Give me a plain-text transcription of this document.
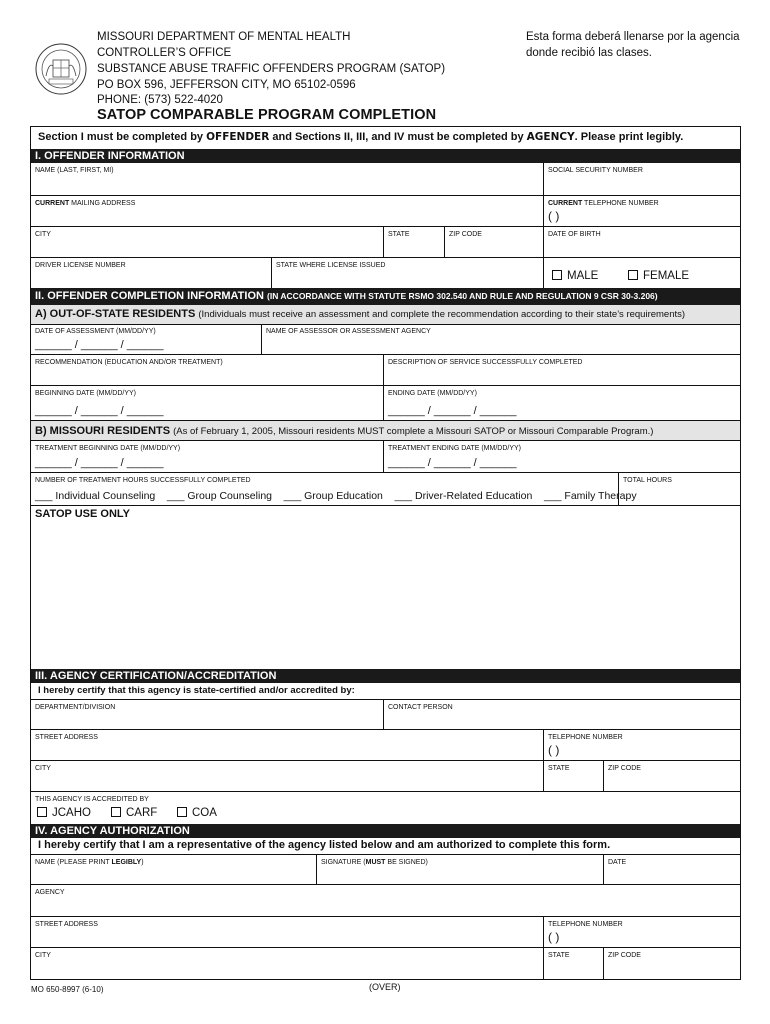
MISSOURI DEPARTMENT OF MENTAL HEALTH
CONTROLLER’S OFFICE
SUBSTANCE ABUSE TRAFFIC OFFENDERS PROGRAM (SATOP)
PO BOX 596, JEFFERSON CITY, MO 65102-0596
PHONE: (573) 522-4020
Esta forma deberá llenarse por la agencia
donde recibió las clases.
SATOP COMPARABLE PROGRAM COMPLETION
Section I must be completed by OFFENDER and Sections II, III, and IV must be completed by AGENCY. Please print legibly.
I. OFFENDER INFORMATION
NAME (LAST, FIRST, MI)	SOCIAL SECURITY NUMBER
CURRENT MAILING ADDRESS	CURRENT TELEPHONE NUMBER
( )
CITY	STATE	ZIP CODE	DATE OF BIRTH
DRIVER LICENSE NUMBER	STATE WHERE LICENSE ISSUED
MALE	FEMALE
II. OFFENDER COMPLETION INFORMATION (IN ACCORDANCE WITH STATUTE RSMO 302.540 AND RULE AND REGULATION 9 CSR 30-3.206)
A) OUT-OF-STATE RESIDENTS (Individuals must receive an assessment and complete the recommendation according to their state’s requirements)
DATE OF ASSESSMENT (MM/DD/YY)
______ / ______ / ______
NAME OF ASSESSOR OR ASSESSMENT AGENCY
RECOMMENDATION (EDUCATION AND/OR TREATMENT)	DESCRIPTION OF SERVICE SUCCESSFULLY COMPLETED
BEGINNING DATE (MM/DD/YY)
______ / ______ / ______
ENDING DATE (MM/DD/YY)
______ / ______ / ______
B) MISSOURI RESIDENTS (As of February 1, 2005, Missouri residents MUST complete a Missouri SATOP or Missouri Comparable Program.)
TREATMENT BEGINNING DATE (MM/DD/YY)
______ / ______ / ______
TREATMENT ENDING DATE (MM/DD/YY)
______ / ______ / ______
NUMBER OF TREATMENT HOURS SUCCESSFULLY COMPLETED
___ Individual Counseling    ___ Group Counseling    ___ Group Education    ___ Driver-Related Education    ___ Family Therapy
TOTAL HOURS
SATOP USE ONLY
III. AGENCY CERTIFICATION/ACCREDITATION
I hereby certify that this agency is state-certified and/or accredited by:
DEPARTMENT/DIVISION	CONTACT PERSON
STREET ADDRESS	TELEPHONE NUMBER
( )
CITY	STATE	ZIP CODE
THIS AGENCY IS ACCREDITED BY
JCAHO	CARF	COA
IV. AGENCY AUTHORIZATION
I hereby certify that I am a representative of the agency listed below and am authorized to complete this form.
NAME (PLEASE PRINT LEGIBLY)	SIGNATURE (MUST BE SIGNED)	DATE
AGENCY
STREET ADDRESS	TELEPHONE NUMBER
( )
CITY	STATE	ZIP CODE
MO 650-8997 (6-10)	(OVER)
